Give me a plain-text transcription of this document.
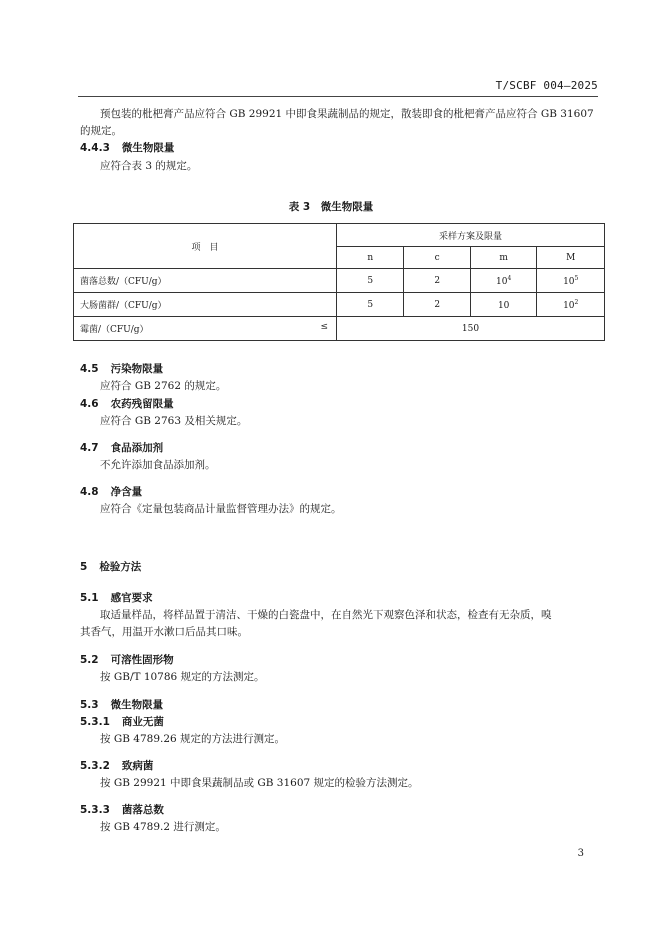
T/SCBF 004—2025
预包装的枇杷膏产品应符合 GB 29921 中即食果蔬制品的规定，散装即食的枇杷膏产品应符合 GB 31607
的规定。
4.4.3 微生物限量
应符合表 3 的规定。
表 3　微生物限量
项　目	采样方案及限量			
	n	c	m	M
菌落总数/（CFU/g）	5	2	$10^4$	$10^5$
大肠菌群/（CFU/g）	5	2	10	$10^2$
霉菌/（CFU/g） ≤	150			
4.5 污染物限量
应符合 GB 2762 的规定。
4.6 农药残留限量
应符合 GB 2763 及相关规定。
4.7 食品添加剂
不允许添加食品添加剂。
4.8 净含量
应符合《定量包装商品计量监督管理办法》的规定。
5 检验方法
5.1 感官要求
取适量样品，将样品置于清洁、干燥的白瓷盘中，在自然光下观察色泽和状态，检查有无杂质，嗅
其香气，用温开水漱口后品其口味。
5.2 可溶性固形物
按 GB/T 10786 规定的方法测定。
5.3 微生物限量
5.3.1 商业无菌
按 GB 4789.26 规定的方法进行测定。
5.3.2 致病菌
按 GB 29921 中即食果蔬制品或 GB 31607 规定的检验方法测定。
5.3.3 菌落总数
按 GB 4789.2 进行测定。
3
